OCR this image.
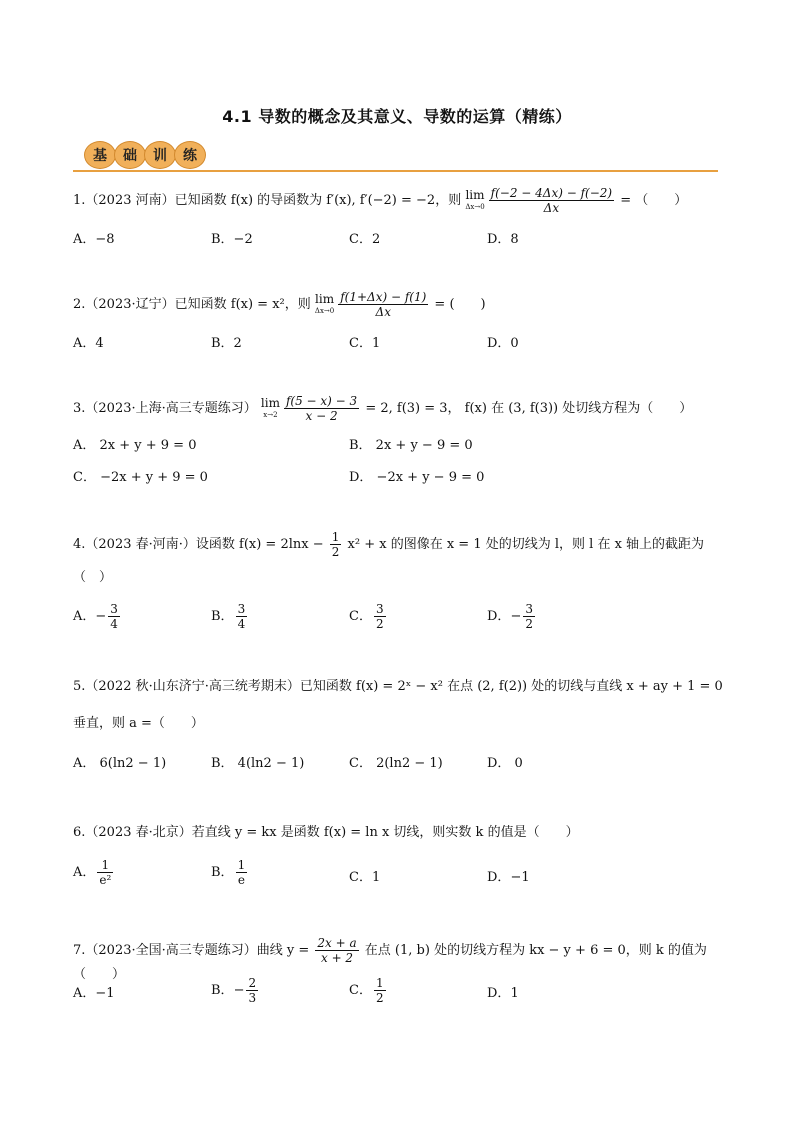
4.1 导数的概念及其意义、导数的运算（精练）
基	础	训	练
1.（2023 河南）已知函数 f(x) 的导函数为 f′(x), f′(−2) = −2，则 lim
$\Delta x\to 0 \frac{f(-2 - 4\Delta x) - f(-2)}{\Delta x}$ = （　　）
A．−8	B．−2	C．2	D．8
2.（2023·辽宁）已知函数 f(x) = x²，则 lim
$\Delta x\to 0 \frac{f(1+\Delta x) - f(1)}{\Delta x}$ = (　　)
A．4	B．2	C．1	D．0
3.（2023·上海·高三专题练习） lim
$x\to 2 \frac{f(5 - x) - 3}{x - 2} = 2$, f(3) = 3， f(x) 在 (3, f(3)) 处切线方程为（　　）
A． 2x + y + 9 = 0	B． 2x + y − 9 = 0
C． −2x + y + 9 = 0	D． −2x + y − 9 = 0
4.（2023 春·河南·）设函数 $f(x) = 2\ln x - \frac{1}{2} x^2 + x$ 的图像在 x = 1 处的切线为 l，则 l 在 x 轴上的截距为
（　）
A．− $\frac{3}{4}$	B． $\frac{3}{4}$	C． $\frac{3}{2}$	D．− $\frac{3}{2}$
5.（2022 秋·山东济宁·高三统考期末）已知函数 f(x) = 2ˣ − x² 在点 (2, f(2)) 处的切线与直线 x + ay + 1 = 0
垂直，则 a =（　　）
A． 6(ln2 − 1)	B． 4(ln2 − 1)	C． 2(ln2 − 1)	D． 0
6.（2023 春·北京）若直线 y = kx 是函数 f(x) = ln x 切线，则实数 k 的值是（　　）
A． $\frac{1}{\text{e²}}$	B． $\frac{1}{e}$	C．1	D．−1
7.（2023·全国·高三专题练习）曲线 $y = \frac{2x + a}{x + 2}$ 在点 (1, b) 处的切线方程为 kx − y + 6 = 0，则 k 的值为（　　）
A．−1	B．− $\frac{2}{3}$	C． $\frac{1}{2}$	D．1
